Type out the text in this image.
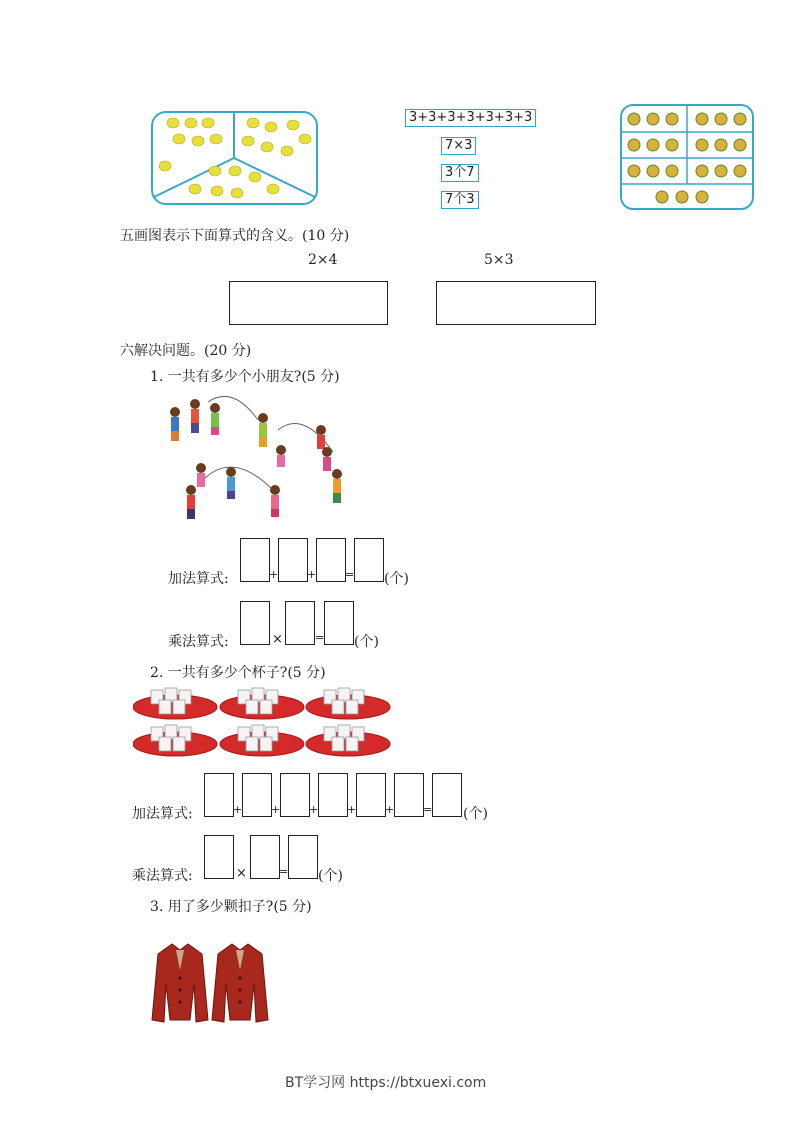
3+3+3+3+3+3+3
7×3
3个7
7个3
五画图表示下面算式的含义。(10 分)
2×4	5×3
六解决问题。(20 分)
1. 一共有多少个小朋友?(5 分)
加法算式:	+	+	= (个)
乘法算式:	×	= (个)
2. 一共有多少个杯子?(5 分)
加法算式:	+	+	+	+	+	= (个)
乘法算式:	×	= (个)
3. 用了多少颗扣子?(5 分)
BT学习网 https://btxuexi.com
